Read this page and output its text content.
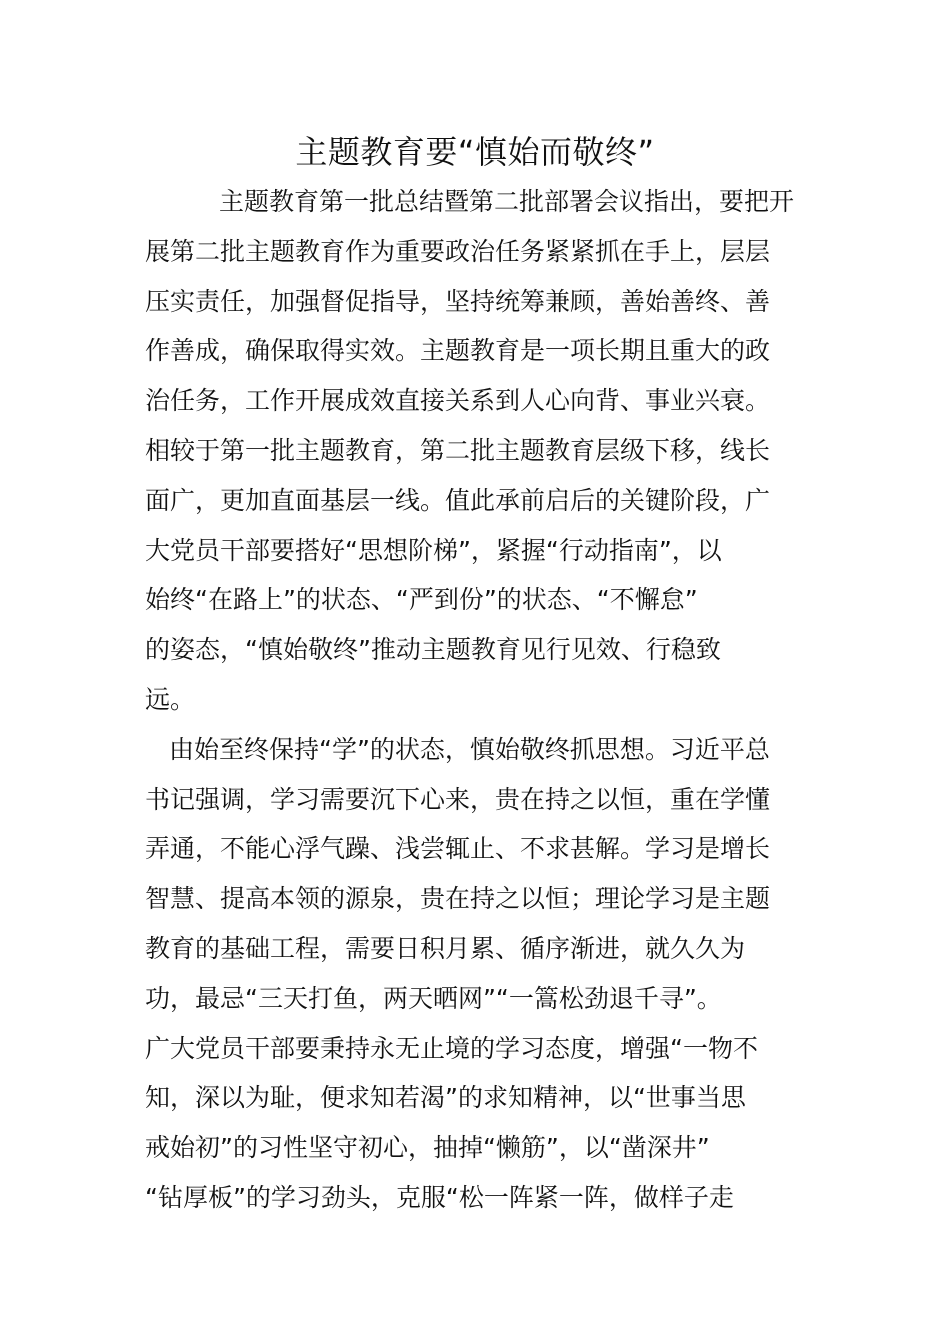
主题教育要“慎始而敬终”

主题教育第一批总结暨第二批部署会议指出，要把开
展第二批主题教育作为重要政治任务紧紧抓在手上，层层
压实责任，加强督促指导，坚持统筹兼顾，善始善终、善
作善成，确保取得实效。主题教育是一项长期且重大的政
治任务，工作开展成效直接关系到人心向背、事业兴衰。
相较于第一批主题教育，第二批主题教育层级下移，线长
面广，更加直面基层一线。值此承前启后的关键阶段，广
大党员干部要搭好“思想阶梯”，紧握“行动指南”，以
始终“在路上”的状态、“严到份”的状态、“不懈怠”
的姿态，“慎始敬终”推动主题教育见行见效、行稳致
远。

由始至终保持“学”的状态，慎始敬终抓思想。习近平总
书记强调，学习需要沉下心来，贵在持之以恒，重在学懂
弄通，不能心浮气躁、浅尝辄止、不求甚解。学习是增长
智慧、提高本领的源泉，贵在持之以恒；理论学习是主题
教育的基础工程，需要日积月累、循序渐进，就久久为
功，最忌“三天打鱼，两天晒网”“一篙松劲退千寻”。
广大党员干部要秉持永无止境的学习态度，增强“一物不
知，深以为耻，便求知若渴”的求知精神，以“世事当思
戒始初”的习性坚守初心，抽掉“懒筋”，以“凿深井”
“钻厚板”的学习劲头，克服“松一阵紧一阵，做样子走
